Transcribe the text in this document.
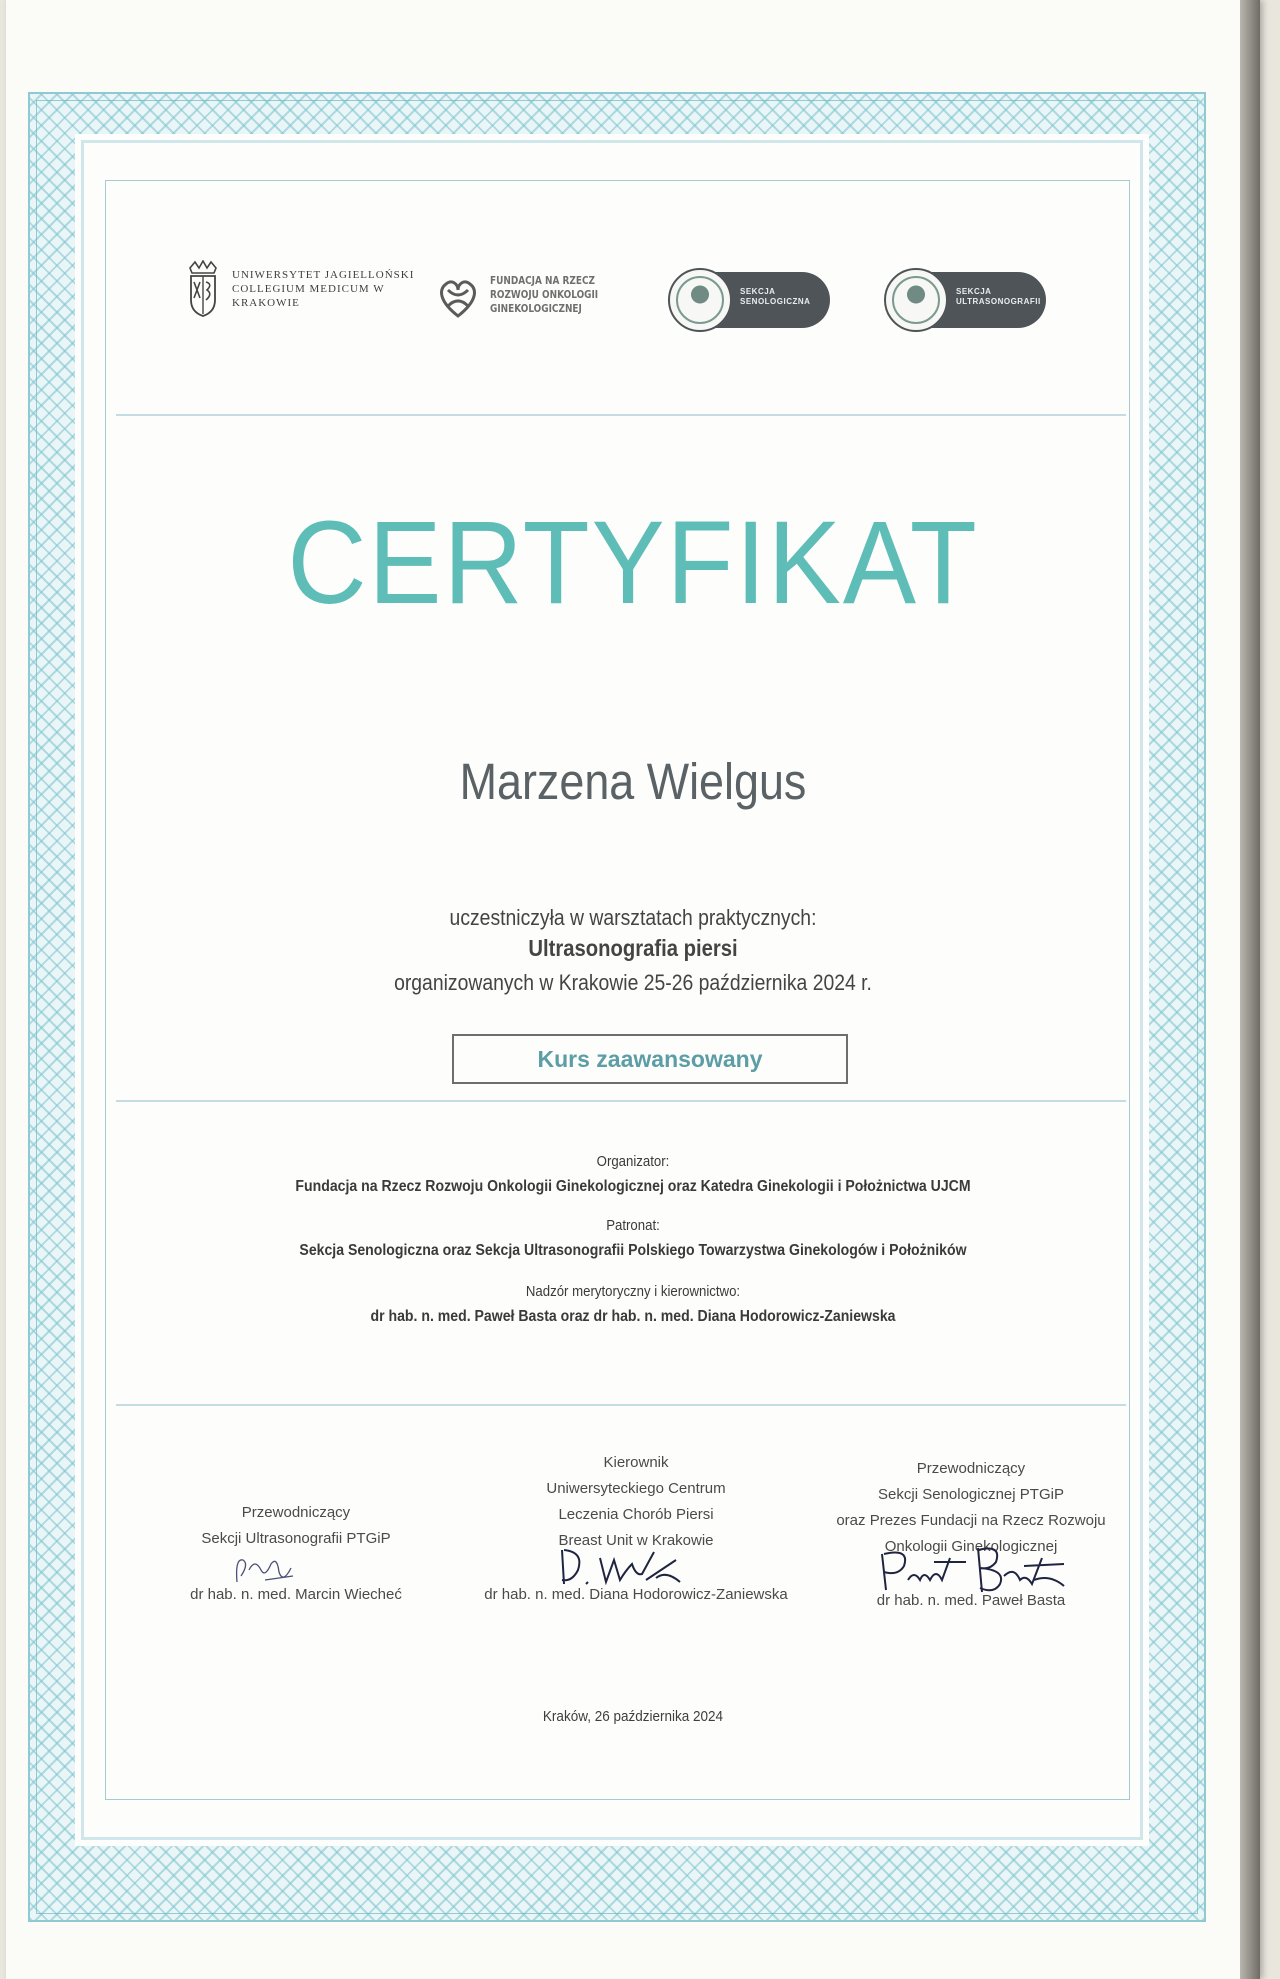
UNIWERSYTET JAGIELLOŃSKI COLLEGIUM MEDICUM W KRAKOWIE
FUNDACJA NA RZECZ ROZWOJU ONKOLOGII GINEKOLOGICZNEJ
SEKCJA SENOLOGICZNA
SEKCJA ULTRASONOGRAFII
CERTYFIKAT
Marzena Wielgus
uczestniczyła w warsztatach praktycznych:
Ultrasonografia piersi
organizowanych w Krakowie 25-26 października 2024 r.
Kurs zaawansowany
Organizator:
Fundacja na Rzecz Rozwoju Onkologii Ginekologicznej oraz Katedra Ginekologii i Położnictwa UJCM
Patronat:
Sekcja Senologiczna oraz Sekcja Ultrasonografii Polskiego Towarzystwa Ginekologów i Położników
Nadzór merytoryczny i kierownictwo:
dr hab. n. med. Paweł Basta oraz dr hab. n. med. Diana Hodorowicz-Zaniewska
Przewodniczący
Sekcji Ultrasonografii PTGiP
dr hab. n. med. Marcin Wiecheć
Kierownik
Uniwersyteckiego Centrum
Leczenia Chorób Piersi
Breast Unit w Krakowie
dr hab. n. med. Diana Hodorowicz-Zaniewska
Przewodniczący
Sekcji Senologicznej PTGiP
oraz Prezes Fundacji na Rzecz Rozwoju
Onkologii Ginekologicznej
dr hab. n. med. Paweł Basta
Kraków, 26 października 2024
